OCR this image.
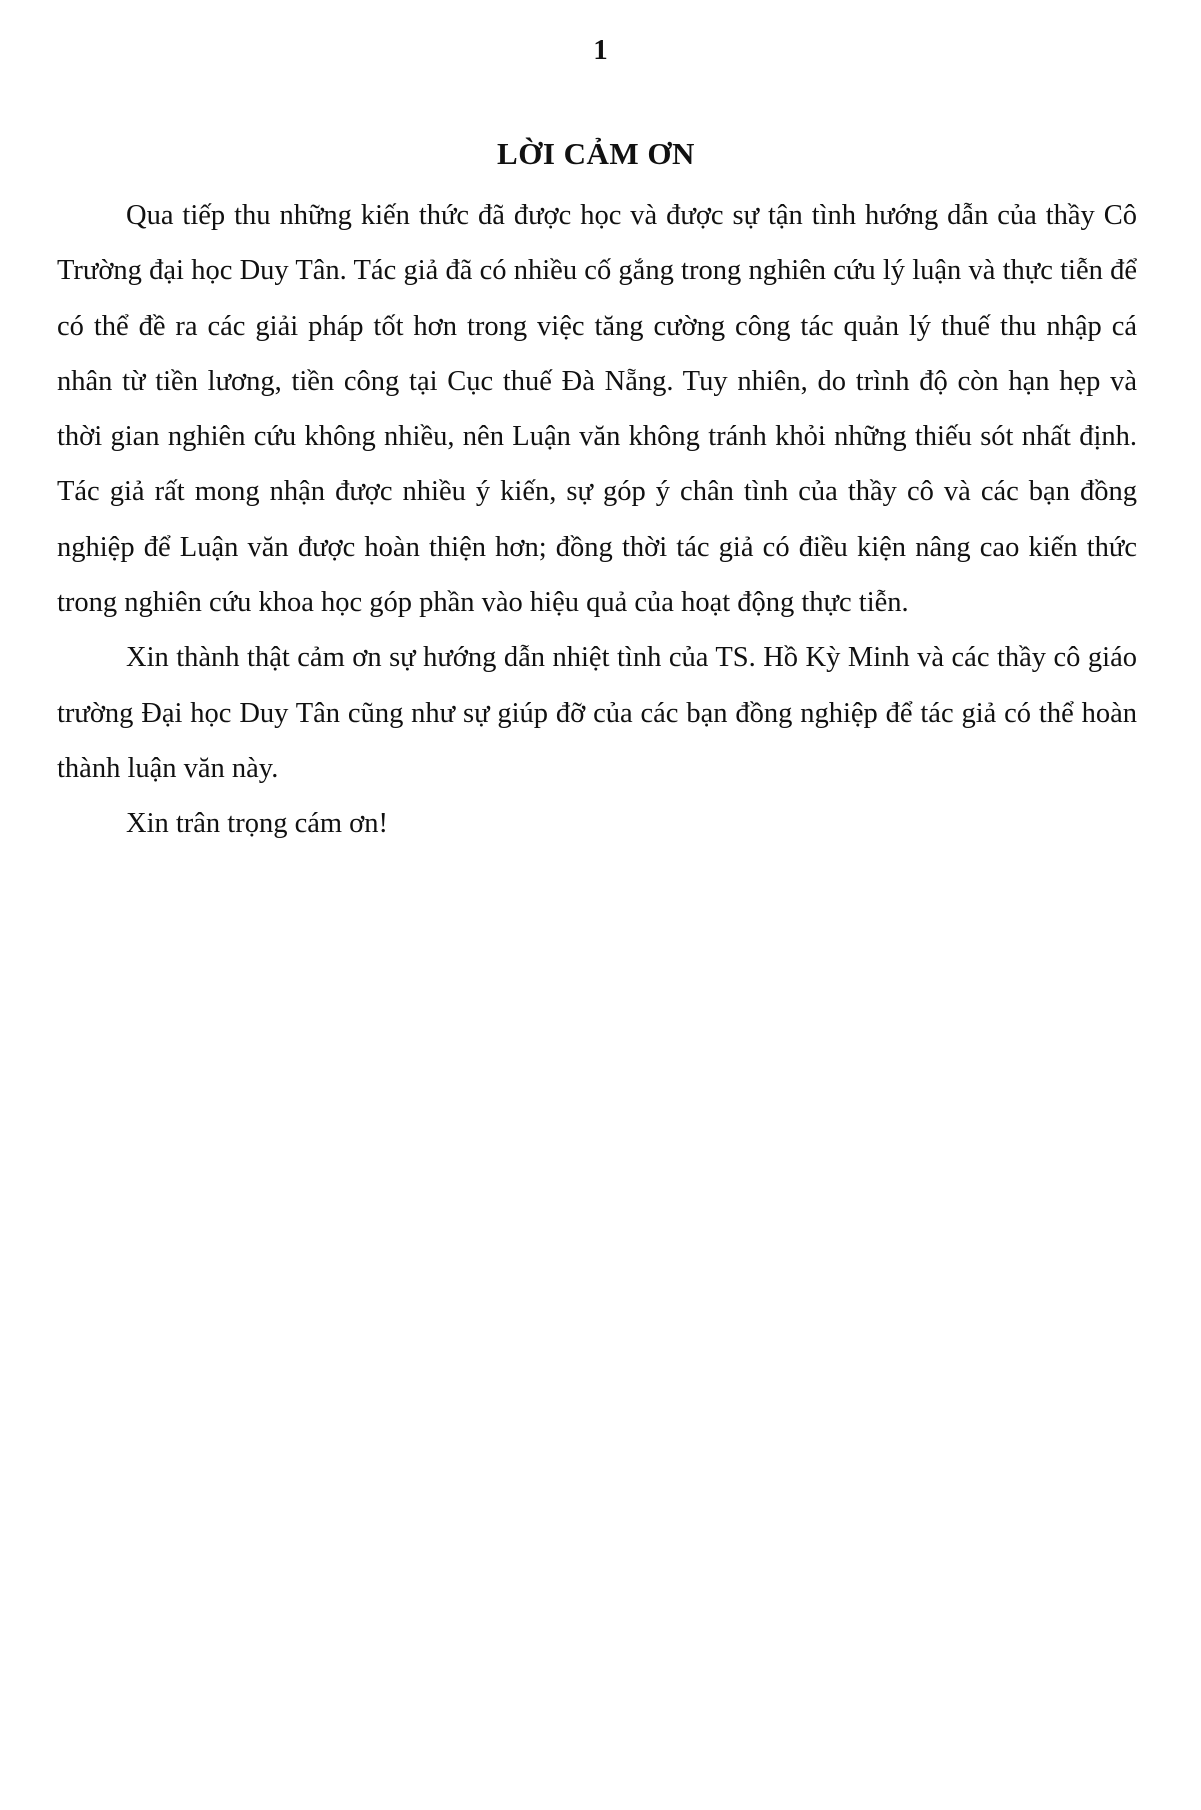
1
LỜI CẢM ƠN

Qua tiếp thu những kiến thức đã được học và được sự tận tình hướng dẫn của thầy Cô Trường đại học Duy Tân. Tác giả đã có nhiều cố gắng trong nghiên cứu lý luận và thực tiễn để có thể đề ra các giải pháp tốt hơn trong việc tăng cường công tác quản lý thuế thu nhập cá nhân từ tiền lương, tiền công tại Cục thuế Đà Nẵng. Tuy nhiên, do trình độ còn hạn hẹp và thời gian nghiên cứu không nhiều, nên Luận văn không tránh khỏi những thiếu sót nhất định. Tác giả rất mong nhận được nhiều ý kiến, sự góp ý chân tình của thầy cô và các bạn đồng nghiệp để Luận văn được hoàn thiện hơn; đồng thời tác giả có điều kiện nâng cao kiến thức trong nghiên cứu khoa học góp phần vào hiệu quả của hoạt động thực tiễn.

Xin thành thật cảm ơn sự hướng dẫn nhiệt tình của TS. Hồ Kỳ Minh và các thầy cô giáo trường Đại học Duy Tân cũng như sự giúp đỡ của các bạn đồng nghiệp để tác giả có thể hoàn thành luận văn này.

Xin trân trọng cám ơn!
